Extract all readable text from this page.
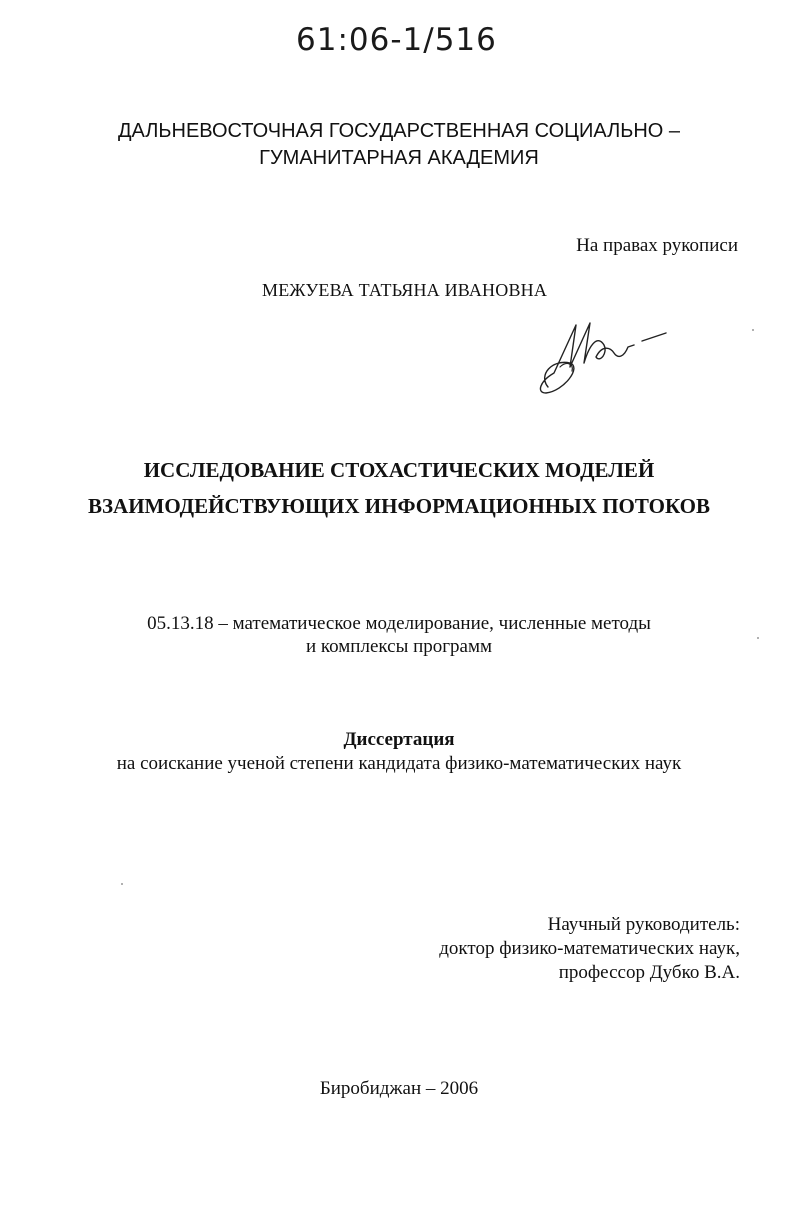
61:06-1/516
ДАЛЬНЕВОСТОЧНАЯ ГОСУДАРСТВЕННАЯ СОЦИАЛЬНО –
ГУМАНИТАРНАЯ АКАДЕМИЯ
На правах рукописи
МЕЖУЕВА ТАТЬЯНА ИВАНОВНА
ИССЛЕДОВАНИЕ СТОХАСТИЧЕСКИХ МОДЕЛЕЙ
ВЗАИМОДЕЙСТВУЮЩИХ ИНФОРМАЦИОННЫХ ПОТОКОВ
05.13.18 – математическое моделирование, численные методы
и комплексы программ
Диссертация
на соискание ученой степени кандидата физико-математических наук
Научный руководитель:
доктор физико-математических наук,
профессор Дубко В.А.
Биробиджан – 2006
